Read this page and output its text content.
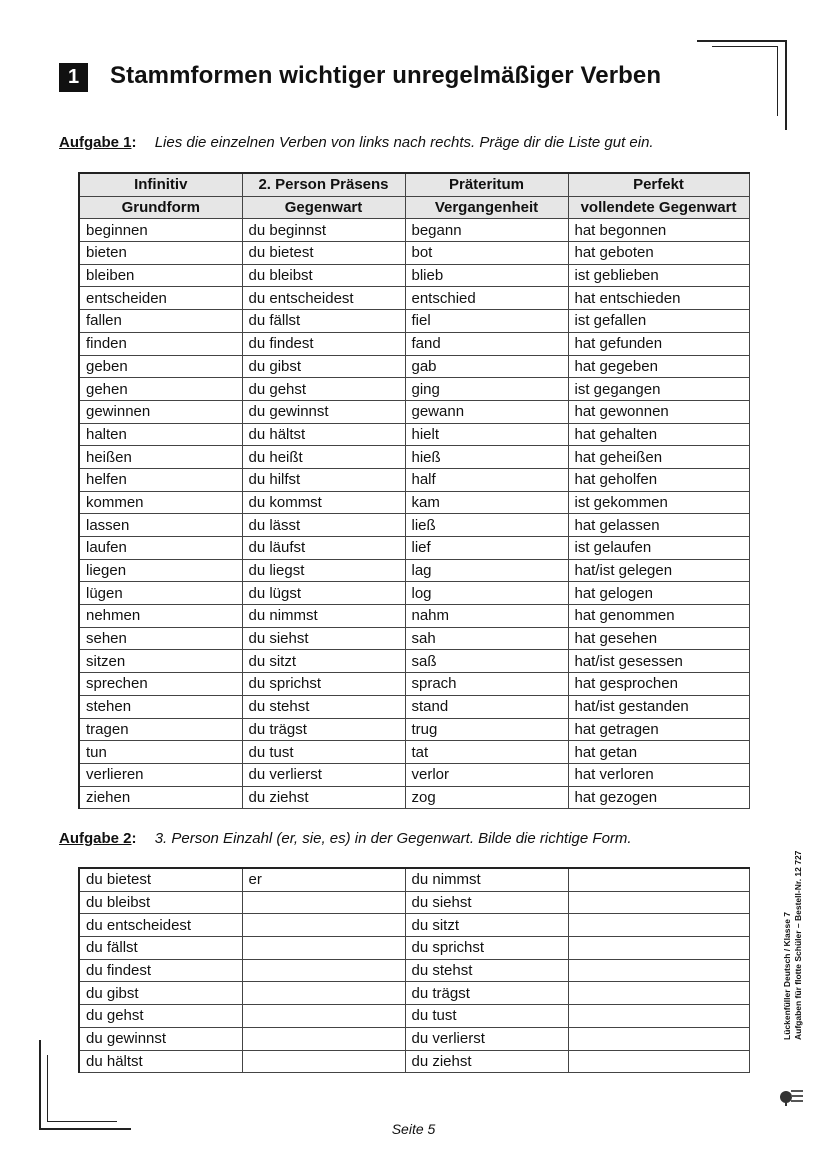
1	Stammformen wichtiger unregelmäßiger Verben
Aufgabe 1: Lies die einzelnen Verben von links nach rechts. Präge dir die Liste gut ein.
Infinitiv	2. Person Präsens	Präteritum	Perfekt
Grundform	Gegenwart	Vergangenheit	vollendete Gegenwart
beginnen	du beginnst	begann	hat begonnen
bieten	du bietest	bot	hat geboten
bleiben	du bleibst	blieb	ist geblieben
entscheiden	du entscheidest	entschied	hat entschieden
fallen	du fällst	fiel	ist gefallen
finden	du findest	fand	hat gefunden
geben	du gibst	gab	hat gegeben
gehen	du gehst	ging	ist gegangen
gewinnen	du gewinnst	gewann	hat gewonnen
halten	du hältst	hielt	hat gehalten
heißen	du heißt	hieß	hat geheißen
helfen	du hilfst	half	hat geholfen
kommen	du kommst	kam	ist gekommen
lassen	du lässt	ließ	hat gelassen
laufen	du läufst	lief	ist gelaufen
liegen	du liegst	lag	hat/ist gelegen
lügen	du lügst	log	hat gelogen
nehmen	du nimmst	nahm	hat genommen
sehen	du siehst	sah	hat gesehen
sitzen	du sitzt	saß	hat/ist gesessen
sprechen	du sprichst	sprach	hat gesprochen
stehen	du stehst	stand	hat/ist gestanden
tragen	du trägst	trug	hat getragen
tun	du tust	tat	hat getan
verlieren	du verlierst	verlor	hat verloren
ziehen	du ziehst	zog	hat gezogen
Aufgabe 2: 3. Person Einzahl (er, sie, es) in der Gegenwart. Bilde die richtige Form.
du bietest	er	du nimmst	
du bleibst		du siehst	
du entscheidest		du sitzt	
du fällst		du sprichst	
du findest		du stehst	
du gibst		du trägst	
du gehst		du tust	
du gewinnst		du verlierst	
du hältst		du ziehst	
Lückenfüller Deutsch / Klasse 7 Aufgaben für flotte Schüler – Bestell-Nr. 12 727
Seite 5
